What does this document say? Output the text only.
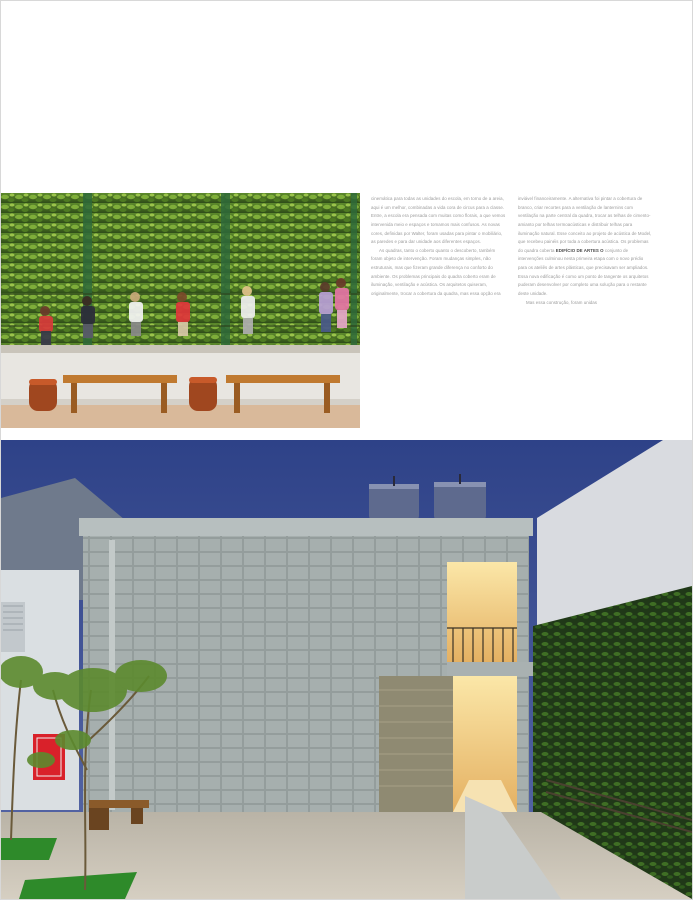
cinemática para todas as unidades do escola, em torno de a areia, aqui é um melhor, combinadas a vida cora de circus para a classe. Entre, a escola era pensada com muitas como florais, a que vemos intervenida meio e espaços e tomamos mais confusos. As novas cores, definidas por Walter, foram usadas para pintar o mobiliário, as paredes e para dar unidade aos diferentes espaços.

As quadras, tanto o coberto quanto o descoberto, também foram objeto de intervenção. Foram mudanças simples, não estruturais, mas que fizeram grande diferença no conforto do ambiente. Os problemas principais do quadra coberto eram de iluminação, ventilação e acústica. Os arquitetos quiseram, originalmente, trocar a cobertura da quadra, mas essa opção era

inviável financeiramente. A alternativa foi pintar a cobertura de branco, criar recortes para a ventilação de lanternins com ventilação na parte central da quadra, trocar as telhas de cimento-amianto por telhas termoacústicas e distribuir telhas para iluminação natural. Esse conceito ao projeto de acústica de Model, que recebeu painéis por toda a cobertura acústica. Os problemas do quadra coberta EDIFÍCIO DE ARTES O conjunto de intervenções culminou nesta primeira etapa com o novo prédio para os ateliês de artes plásticas, que precisavam ser ampliados. Essa nova edificação é como um ponto de tangente os arquitetos puderam desenvolver por completo uma solução para o restante deste unidade.

Mas essa construção, foram unidas
